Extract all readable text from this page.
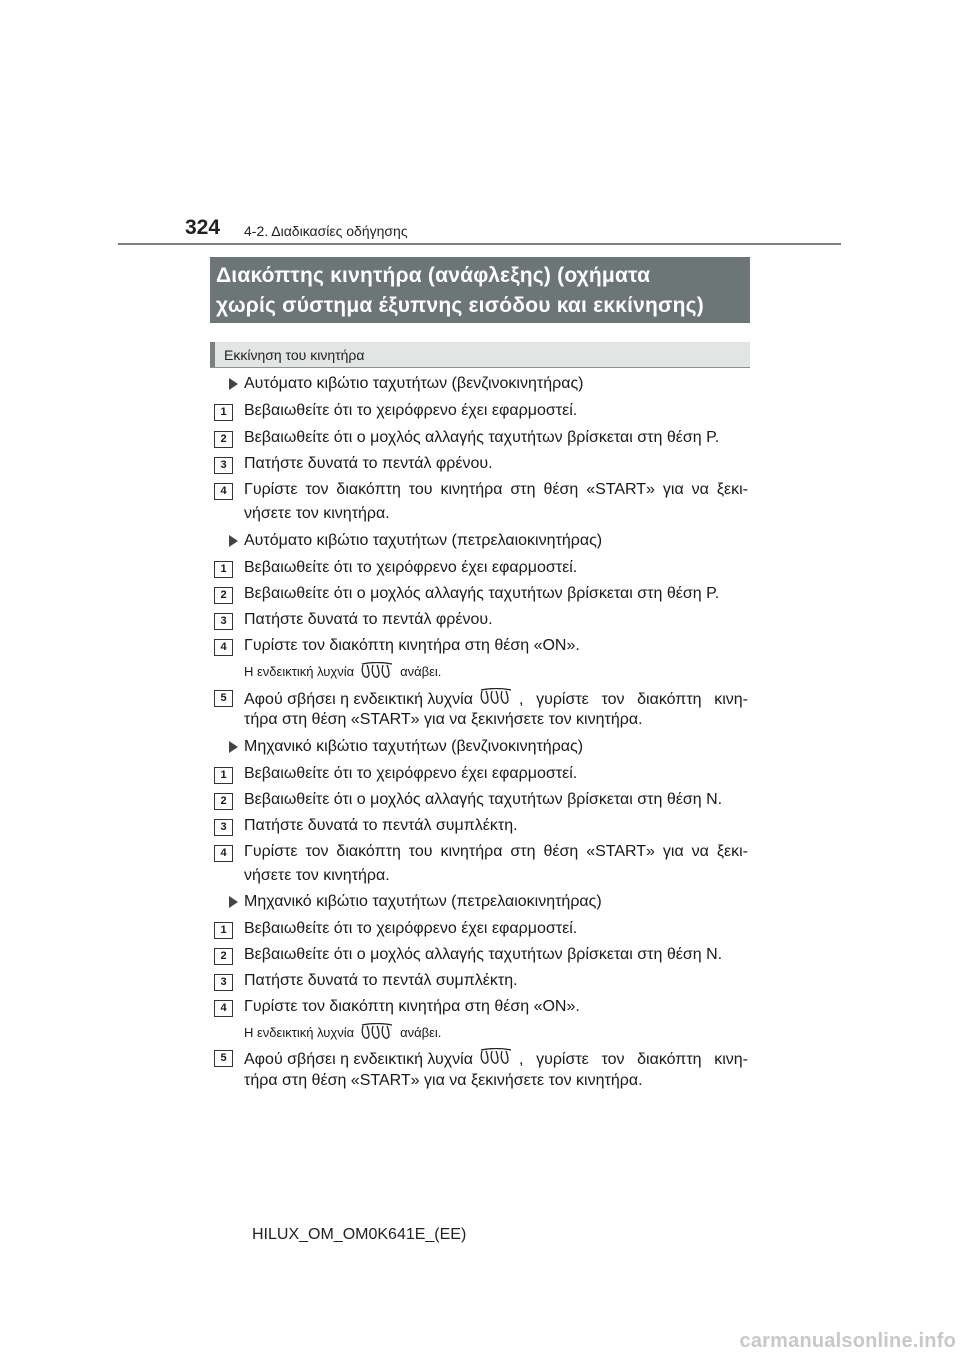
324 4-2. Διαδικασίες οδήγησης
Διακόπτης κινητήρα (ανάφλεξης) (οχήματα
χωρίς σύστημα έξυπνης εισόδου και εκκίνησης)
Εκκίνηση του κινητήρα
Αυτόματο κιβώτιο ταχυτήτων (βενζινοκινητήρας)
1	Βεβαιωθείτε ότι το χειρόφρενο έχει εφαρμοστεί.
2	Βεβαιωθείτε ότι ο μοχλός αλλαγής ταχυτήτων βρίσκεται στη θέση P.
3	Πατήστε δυνατά το πεντάλ φρένου.
4	Γυρίστε τον διακόπτη του κινητήρα στη θέση «START» για να ξεκι-
νήσετε τον κινητήρα.
Αυτόματο κιβώτιο ταχυτήτων (πετρελαιοκινητήρας)
1	Βεβαιωθείτε ότι το χειρόφρενο έχει εφαρμοστεί.
2	Βεβαιωθείτε ότι ο μοχλός αλλαγής ταχυτήτων βρίσκεται στη θέση P.
3	Πατήστε δυνατά το πεντάλ φρένου.
4	Γυρίστε τον διακόπτη κινητήρα στη θέση «ON».
Η ενδεικτική λυχνία	ανάβει.
5	Αφού σβήσει η ενδεικτική λυχνία	, γυρίστε τον διακόπτη κινη-
τήρα στη θέση «START» για να ξεκινήσετε τον κινητήρα.
Μηχανικό κιβώτιο ταχυτήτων (βενζινοκινητήρας)
1	Βεβαιωθείτε ότι το χειρόφρενο έχει εφαρμοστεί.
2	Βεβαιωθείτε ότι ο μοχλός αλλαγής ταχυτήτων βρίσκεται στη θέση N.
3	Πατήστε δυνατά το πεντάλ συμπλέκτη.
4	Γυρίστε τον διακόπτη του κινητήρα στη θέση «START» για να ξεκι-
νήσετε τον κινητήρα.
Μηχανικό κιβώτιο ταχυτήτων (πετρελαιοκινητήρας)
1	Βεβαιωθείτε ότι το χειρόφρενο έχει εφαρμοστεί.
2	Βεβαιωθείτε ότι ο μοχλός αλλαγής ταχυτήτων βρίσκεται στη θέση N.
3	Πατήστε δυνατά το πεντάλ συμπλέκτη.
4	Γυρίστε τον διακόπτη κινητήρα στη θέση «ON».
Η ενδεικτική λυχνία	ανάβει.
5	Αφού σβήσει η ενδεικτική λυχνία	, γυρίστε τον διακόπτη κινη-
τήρα στη θέση «START» για να ξεκινήσετε τον κινητήρα.
HILUX_OM_OM0K641E_(EE)
carmanualsonline.info
